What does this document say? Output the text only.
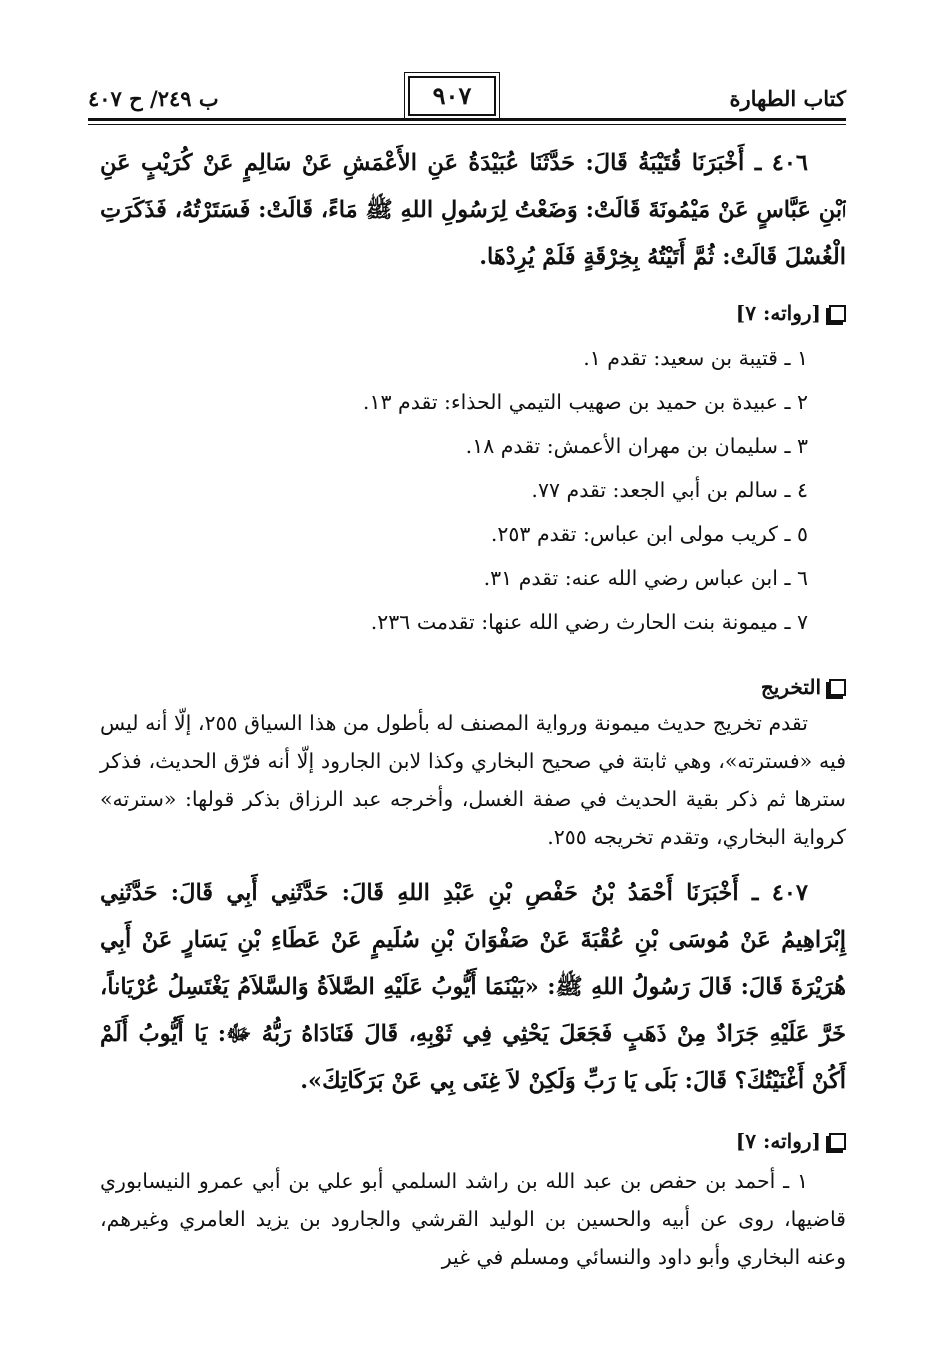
كتاب الطهارة
٩٠٧
ب ٢٤٩/ ح ٤٠٧
٤٠٦ ـ أَخْبَرَنَا قُتَيْبَةُ قَالَ: حَدَّثَنَا عُبَيْدَةُ عَنِ الأَعْمَشِ عَنْ سَالِمٍ عَنْ كُرَيْبٍ عَنِ ٱبْنِ عَبَّاسٍ عَنْ مَيْمُونَةَ قَالَتْ: وَضَعْتُ لِرَسُولِ اللهِ ﷺ مَاءً، قَالَتْ: فَسَتَرْتُهُ، فَذَكَرَتِ الْغُسْلَ قَالَتْ: ثُمَّ أَتَيْتُهُ بِخِرْقَةٍ فَلَمْ يُرِدْهَا.
[رواته: ٧]
١ ـ قتيبة بن سعيد: تقدم ١.
٢ ـ عبيدة بن حميد بن صهيب التيمي الحذاء: تقدم ١٣.
٣ ـ سليمان بن مهران الأعمش: تقدم ١٨.
٤ ـ سالم بن أبي الجعد: تقدم ٧٧.
٥ ـ كريب مولى ابن عباس: تقدم ٢٥٣.
٦ ـ ابن عباس رضي الله عنه: تقدم ٣١.
٧ ـ ميمونة بنت الحارث رضي الله عنها: تقدمت ٢٣٦.
التخريج
تقدم تخريج حديث ميمونة ورواية المصنف له بأطول من هذا السياق ٢٥٥، إلّا أنه ليس فيه «فسترته»، وهي ثابتة في صحيح البخاري وكذا لابن الجارود إلّا أنه فرّق الحديث، فذكر سترها ثم ذكر بقية الحديث في صفة الغسل، وأخرجه عبد الرزاق بذكر قولها: «سترته» كرواية البخاري، وتقدم تخريجه ٢٥٥.
٤٠٧ ـ أَخْبَرَنَا أَحْمَدُ بْنُ حَفْصِ بْنِ عَبْدِ اللهِ قَالَ: حَدَّثَنِي أَبِي قَالَ: حَدَّثَنِي إِبْرَاهِيمُ عَنْ مُوسَى بْنِ عُقْبَةَ عَنْ صَفْوَانَ بْنِ سُلَيمٍ عَنْ عَطَاءِ بْنِ يَسَارٍ عَنْ أَبِي هُرَيْرَةَ قَالَ: قَالَ رَسُولُ اللهِ ﷺ: «بَيْنَمَا أَيُّوبُ عَلَيْهِ الصَّلاَةُ وَالسَّلاَمُ يَغْتَسِلُ عُرْيَاناً، خَرَّ عَلَيْهِ جَرَادٌ مِنْ ذَهَبٍ فَجَعَلَ يَحْثِي فِي ثَوْبِهِ، قَالَ فَنَادَاهُ رَبُّهُ ﷻ: يَا أَيُّوبُ أَلَمْ أَكُنْ أَغْنَيْتُكَ؟ قَالَ: بَلَى يَا رَبِّ وَلَكِنْ لاَ غِنَى بِي عَنْ بَرَكَاتِكَ».
[رواته: ٧]
١ ـ أحمد بن حفص بن عبد الله بن راشد السلمي أبو علي بن أبي عمرو النيسابوري قاضيها، روى عن أبيه والحسين بن الوليد القرشي والجارود بن يزيد العامري وغيرهم، وعنه البخاري وأبو داود والنسائي ومسلم في غير
